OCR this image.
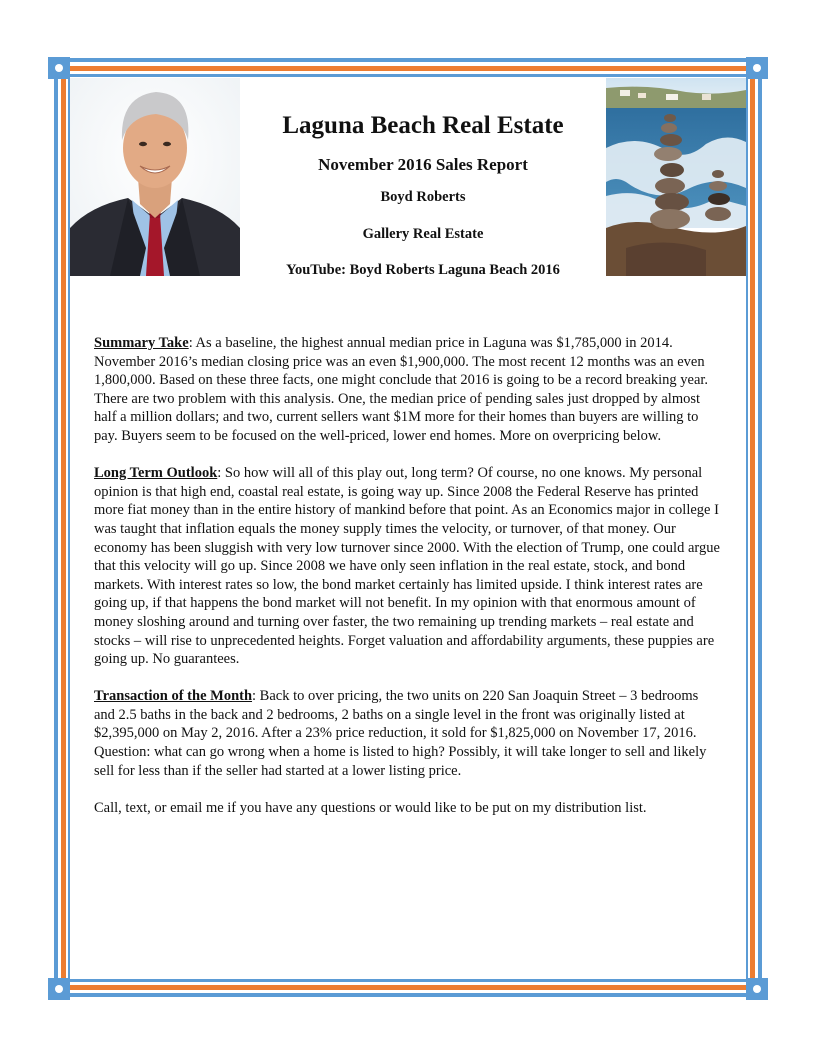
Laguna Beach Real Estate
November 2016 Sales Report
Boyd Roberts
Gallery Real Estate
YouTube: Boyd Roberts Laguna Beach 2016

Summary Take: As a baseline, the highest annual median price in Laguna was $1,785,000 in 2014. November 2016’s median closing price was an even $1,900,000. The most recent 12 months was an even 1,800,000. Based on these three facts, one might conclude that 2016 is going to be a record breaking year. There are two problem with this analysis. One, the median price of pending sales just dropped by almost half a million dollars; and two, current sellers want $1M more for their homes than buyers are willing to pay. Buyers seem to be focused on the well-priced, lower end homes. More on overpricing below.

Long Term Outlook: So how will all of this play out, long term? Of course, no one knows. My personal opinion is that high end, coastal real estate, is going way up. Since 2008 the Federal Reserve has printed more fiat money than in the entire history of mankind before that point. As an Economics major in college I was taught that inflation equals the money supply times the velocity, or turnover, of that money. Our economy has been sluggish with very low turnover since 2000. With the election of Trump, one could argue that this velocity will go up. Since 2008 we have only seen inflation in the real estate, stock, and bond markets. With interest rates so low, the bond market certainly has limited upside. I think interest rates are going up, if that happens the bond market will not benefit. In my opinion with that enormous amount of money sloshing around and turning over faster, the two remaining up trending markets – real estate and stocks – will rise to unprecedented heights. Forget valuation and affordability arguments, these puppies are going up. No guarantees.

Transaction of the Month: Back to over pricing, the two units on 220 San Joaquin Street – 3 bedrooms and 2.5 baths in the back and 2 bedrooms, 2 baths on a single level in the front was originally listed at $2,395,000 on May 2, 2016. After a 23% price reduction, it sold for $1,825,000 on November 17, 2016. Question: what can go wrong when a home is listed to high? Possibly, it will take longer to sell and likely sell for less than if the seller had started at a lower listing price.

Call, text, or email me if you have any questions or would like to be put on my distribution list.
